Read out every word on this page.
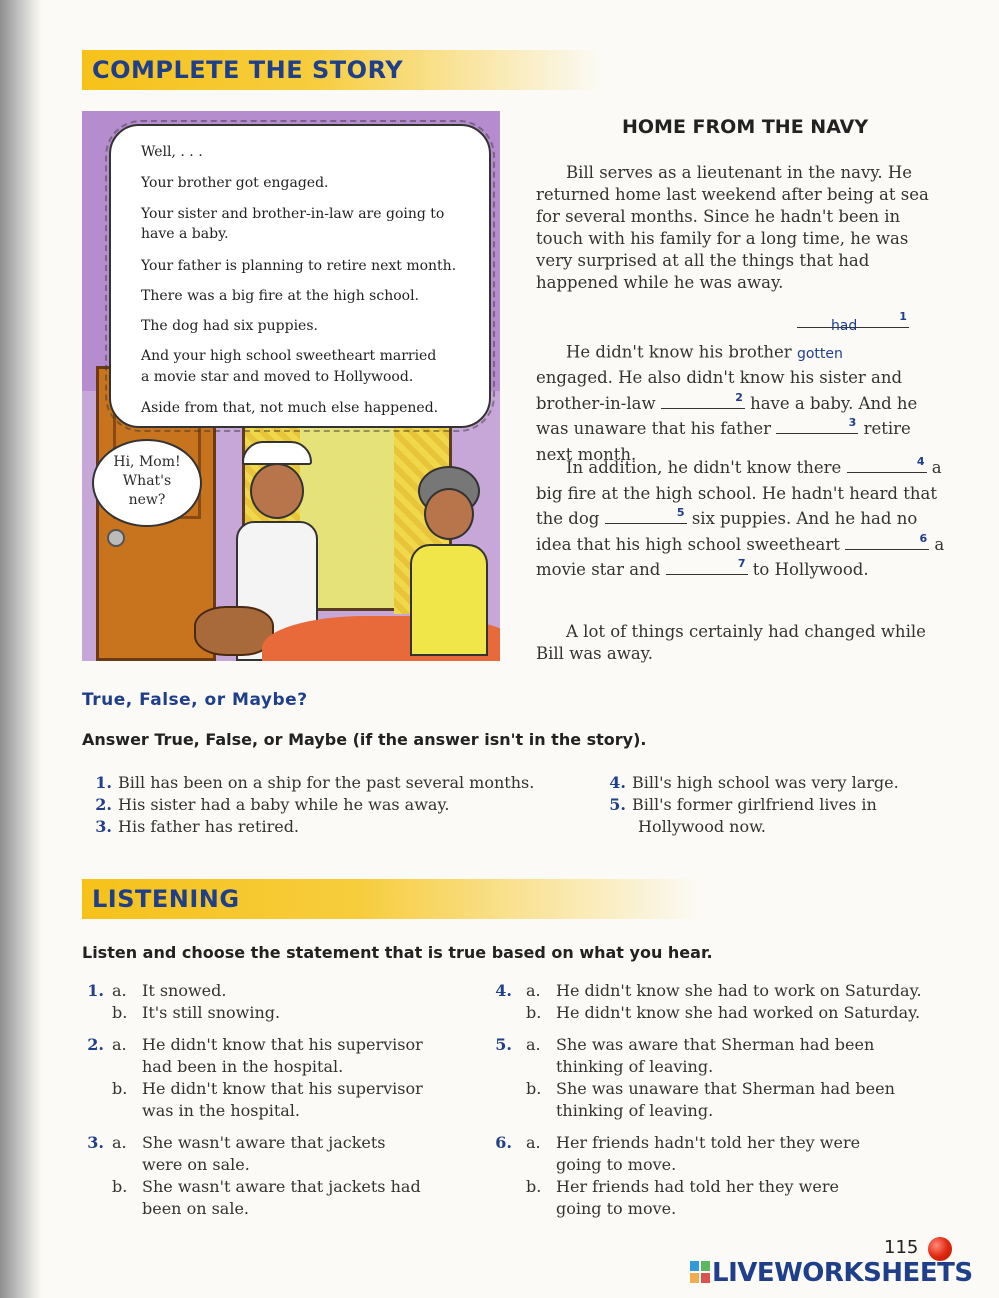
COMPLETE THE STORY
Well, . . .
Your brother got engaged.
Your sister and brother-in-law are going to
have a baby.
Your father is planning to retire next month.
There was a big fire at the high school.
The dog had six puppies.
And your high school sweetheart married
a movie star and moved to Hollywood.
Aside from that, not much else happened.
Hi, Mom!
What's
new?
HOME FROM THE NAVY
Bill serves as a lieutenant in the navy. He returned home last weekend after being at sea for several months. Since he hadn't been in touch with his family for a long time, he was very surprised at all the things that had happened while he was away.
He didn't know his brother had gotten
1
engaged. He also didn't know his sister and brother-in-law	2 have a baby. And he was unaware that his father	3 retire next month.
In addition, he didn't know there	4 a big fire at the high school. He hadn't heard that the dog	5 six puppies. And he had no idea that his high school sweetheart	6 a movie star and	7 to Hollywood.
A lot of things certainly had changed while Bill was away.
True, False, or Maybe?
Answer True, False, or Maybe (if the answer isn't in the story).
1. Bill has been on a ship for the past several months.
2. His sister had a baby while he was away.
3. His father has retired.
4. Bill's high school was very large.
5. Bill's former girlfriend lives in
Hollywood now.
LISTENING
Listen and choose the statement that is true based on what you hear.
1. a. It snowed.
b. It's still snowing.
2. a. He didn't know that his supervisor
had been in the hospital.
b. He didn't know that his supervisor
was in the hospital.
3. a. She wasn't aware that jackets
were on sale.
b. She wasn't aware that jackets had
been on sale.
4. a. He didn't know she had to work on Saturday.
b. He didn't know she had worked on Saturday.
5. a. She was aware that Sherman had been
thinking of leaving.
b. She was unaware that Sherman had been
thinking of leaving.
6. a. Her friends hadn't told her they were
going to move.
b. Her friends had told her they were
going to move.
115
LIVEWORKSHEETS
